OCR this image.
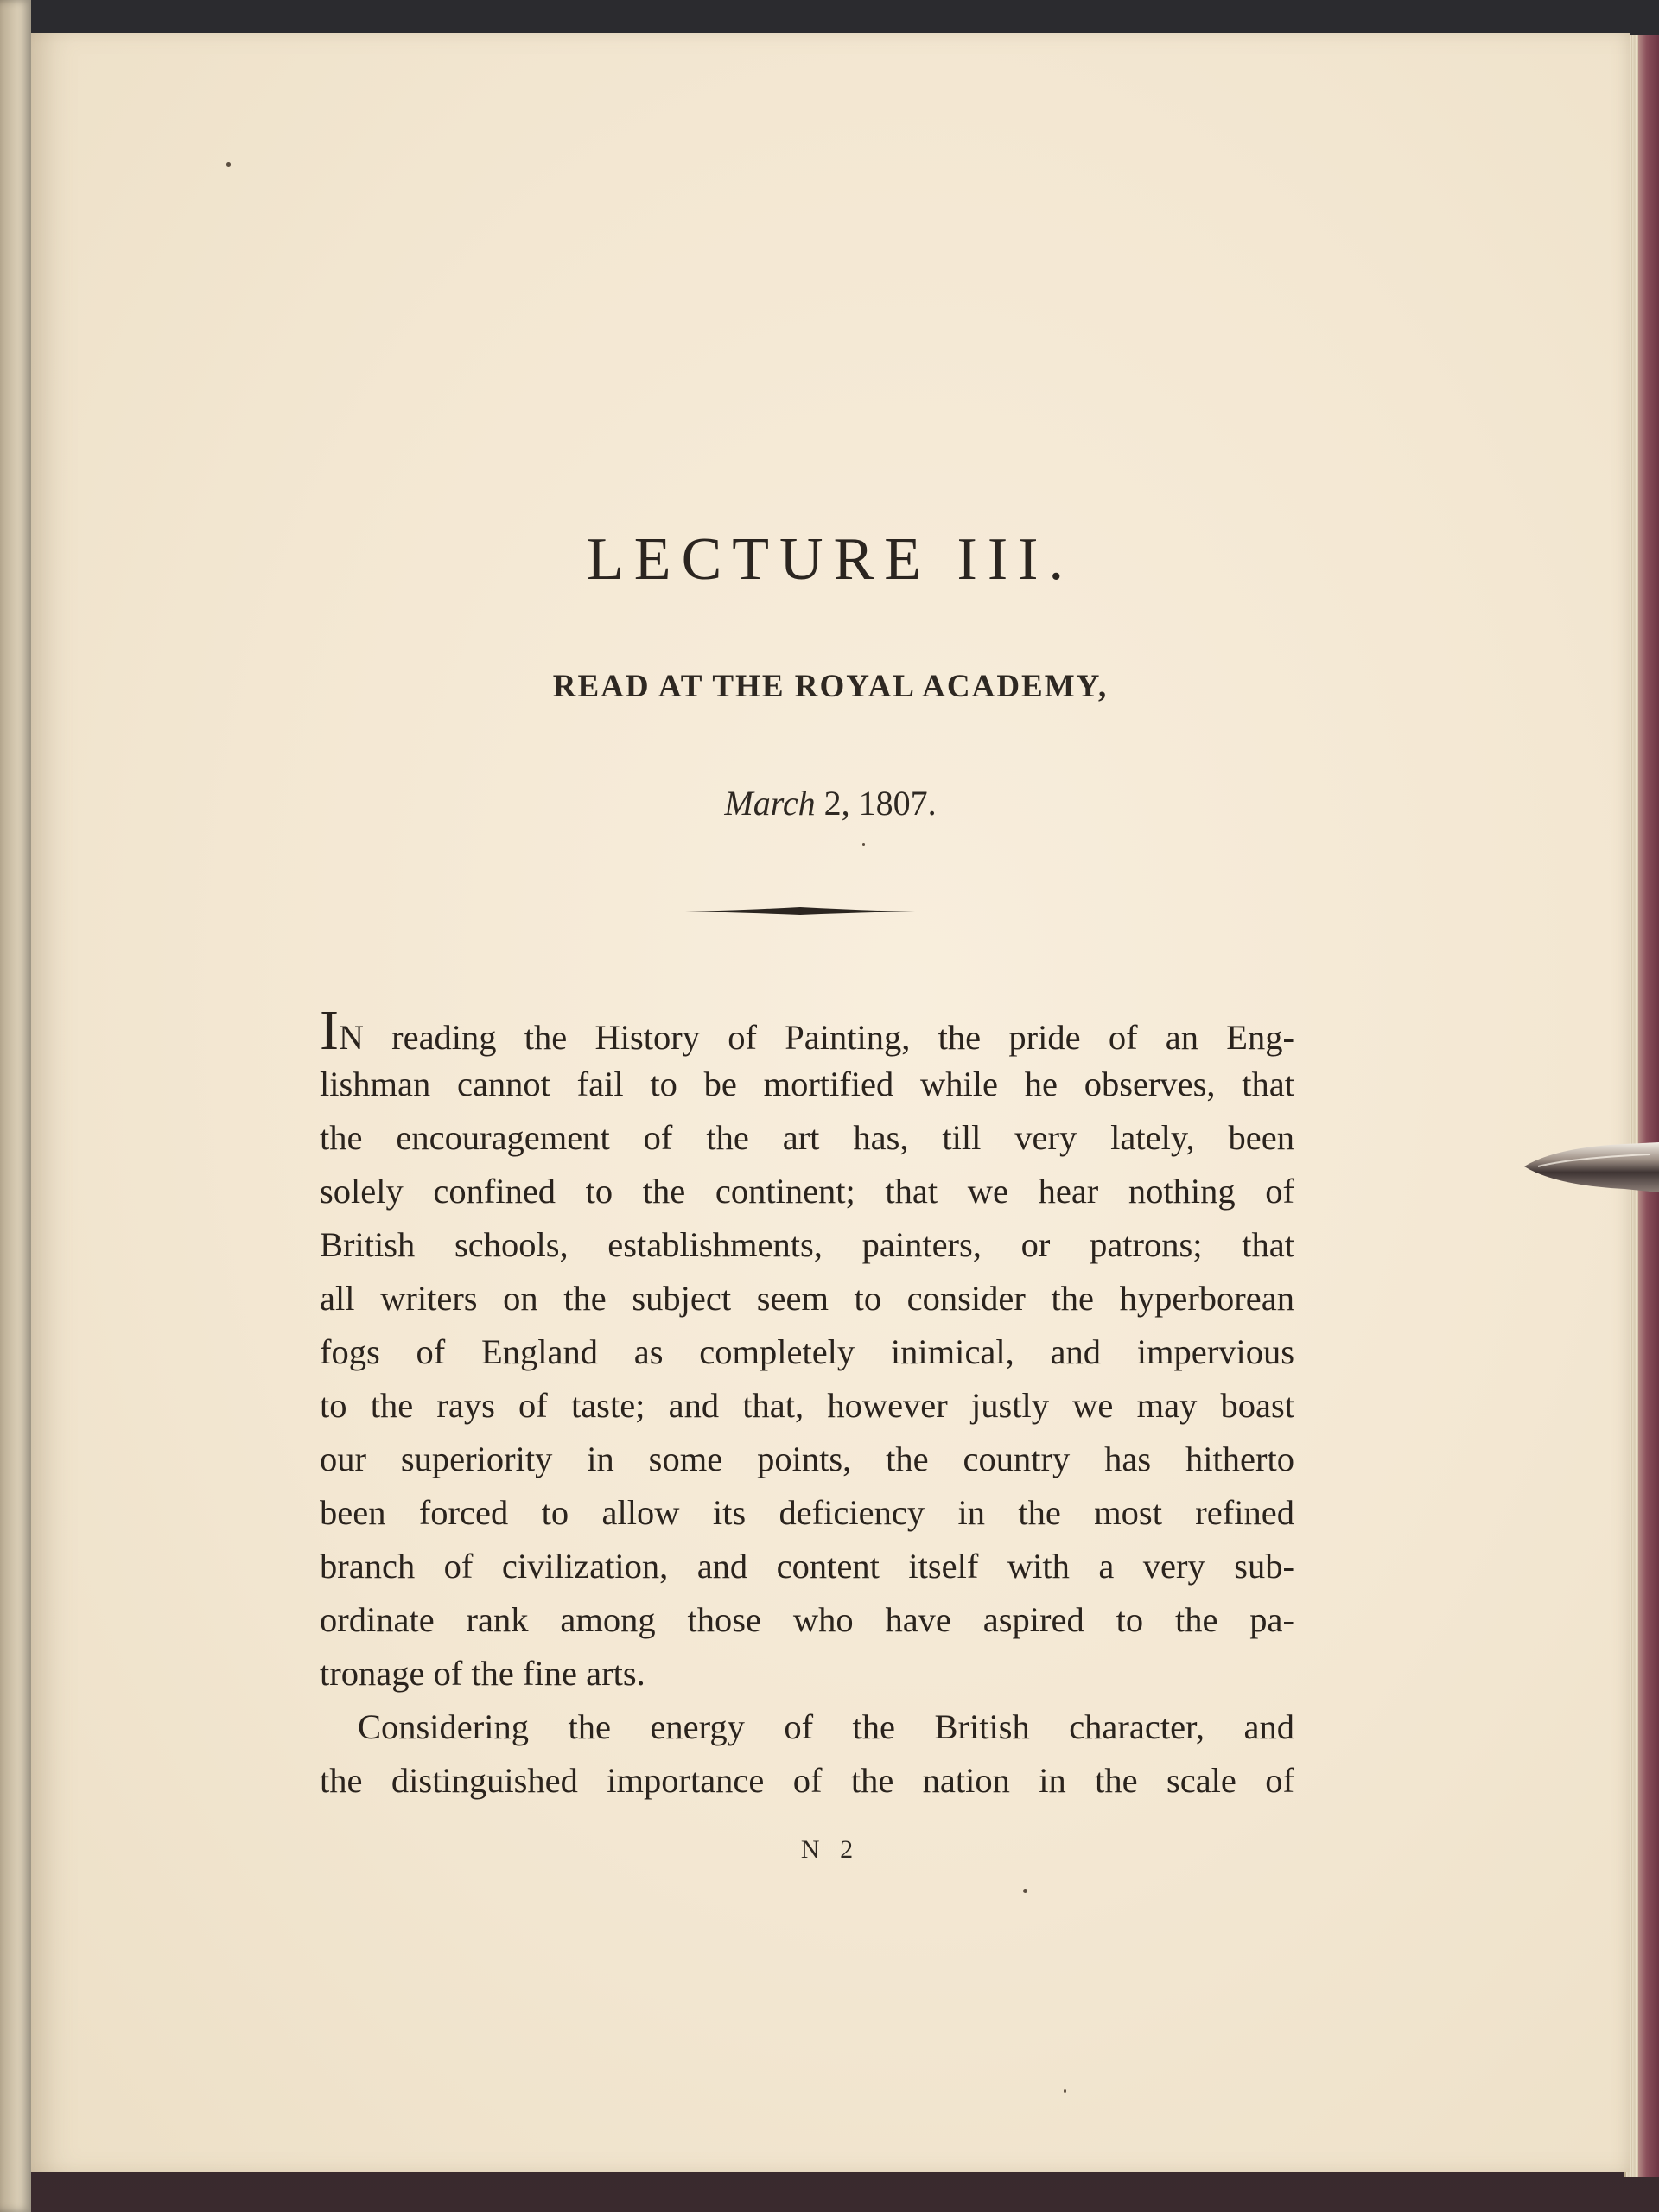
LECTURE III.
READ AT THE ROYAL ACADEMY,
March 2, 1807.
IN reading the History of Painting, the pride of an Eng-
lishman cannot fail to be mortified while he observes, that
the encouragement of the art has, till very lately, been
solely confined to the continent; that we hear nothing of
British schools, establishments, painters, or patrons; that
all writers on the subject seem to consider the hyperborean
fogs of England as completely inimical, and impervious
to the rays of taste; and that, however justly we may boast
our superiority in some points, the country has hitherto
been forced to allow its deficiency in the most refined
branch of civilization, and content itself with a very sub-
ordinate rank among those who have aspired to the pa-
tronage of the fine arts.
Considering the energy of the British character, and
the distinguished importance of the nation in the scale of
N 2
